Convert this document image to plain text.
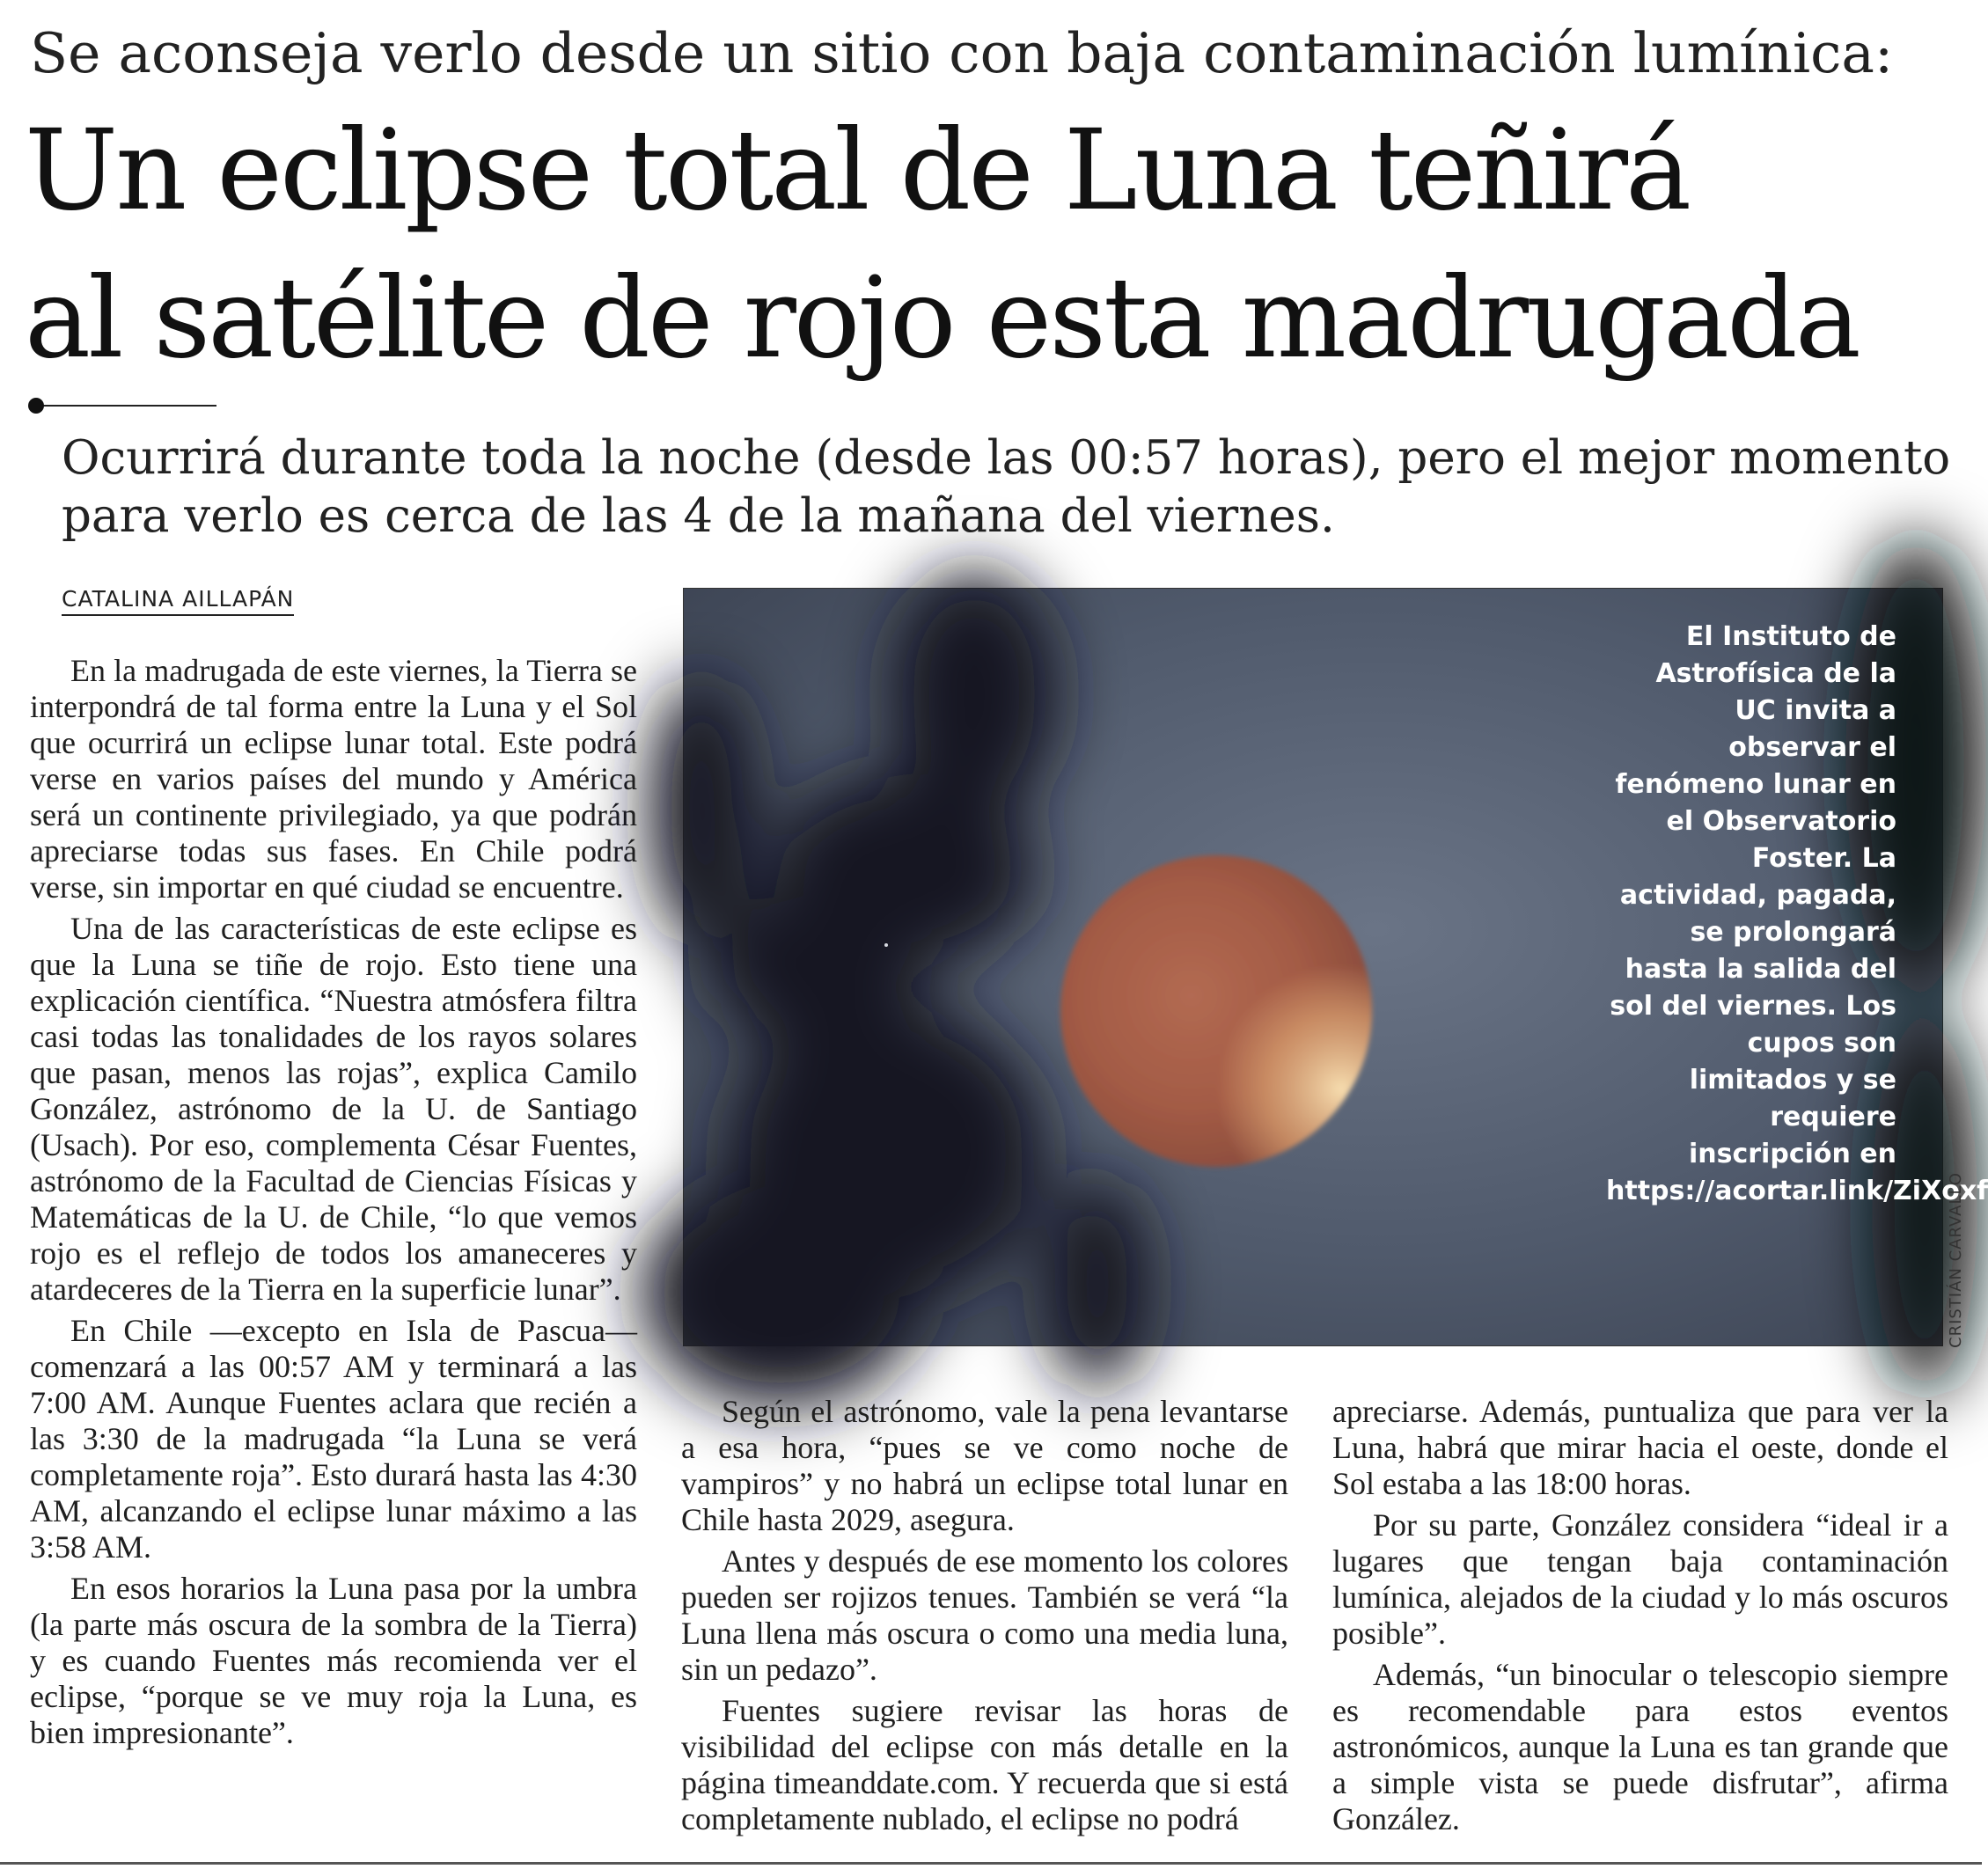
Se aconseja verlo desde un sitio con baja contaminación lumínica:
Un eclipse total de Luna teñirá
al satélite de rojo esta madrugada
Ocurrirá durante toda la noche (desde las 00:57 horas), pero el mejor momento para verlo es cerca de las 4 de la mañana del viernes.
CATALINA AILLAPÁN

En la madrugada de este viernes, la Tierra se interpondrá de tal forma entre la Luna y el Sol que ocurrirá un eclipse lunar total. Este podrá verse en varios países del mundo y América será un continente privilegiado, ya que podrán apreciarse todas sus fases. En Chile podrá verse, sin importar en qué ciudad se encuentre.

Una de las características de este eclipse es que la Luna se tiñe de rojo. Esto tiene una explicación científica. “Nuestra atmósfera filtra casi todas las tonalidades de los rayos solares que pasan, menos las rojas”, explica Camilo González, astrónomo de la U. de Santiago (Usach). Por eso, complementa César Fuentes, astrónomo de la Facultad de Ciencias Físicas y Matemáticas de la U. de Chile, “lo que vemos rojo es el reflejo de todos los amaneceres y atardeceres de la Tierra en la superficie lunar”.

En Chile —excepto en Isla de Pascua— comenzará a las 00:57 AM y terminará a las 7:00 AM. Aunque Fuentes aclara que recién a las 3:30 de la madrugada “la Luna se verá completamente roja”. Esto durará hasta las 4:30 AM, alcanzando el eclipse lunar máximo a las 3:58 AM.

En esos horarios la Luna pasa por la umbra (la parte más oscura de la sombra de la Tierra) y es cuando Fuentes más recomienda ver el eclipse, “porque se ve muy roja la Luna, es bien impresionante”.

El Instituto de Astrofísica de la UC invita a observar el fenómeno lunar en el Observatorio Foster. La actividad, pagada, se prolongará hasta la salida del sol del viernes. Los cupos son limitados y se requiere inscripción en https://acortar.link/ZiXoxf
CRISTIÁN CARVALLO

Según el astrónomo, vale la pena levantarse a esa hora, “pues se ve como noche de vampiros” y no habrá un eclipse total lunar en Chile hasta 2029, asegura.

Antes y después de ese momento los colores pueden ser rojizos tenues. También se verá “la Luna llena más oscura o como una media luna, sin un pedazo”.

Fuentes sugiere revisar las horas de visibilidad del eclipse con más detalle en la página timeanddate.com. Y recuerda que si está completamente nublado, el eclipse no podrá

apreciarse. Además, puntualiza que para ver la Luna, habrá que mirar hacia el oeste, donde el Sol estaba a las 18:00 horas.

Por su parte, González considera “ideal ir a lugares que tengan baja contaminación lumínica, alejados de la ciudad y lo más oscuros posible”.

Además, “un binocular o telescopio siempre es recomendable para estos eventos astronómicos, aunque la Luna es tan grande que a simple vista se puede disfrutar”, afirma González.
